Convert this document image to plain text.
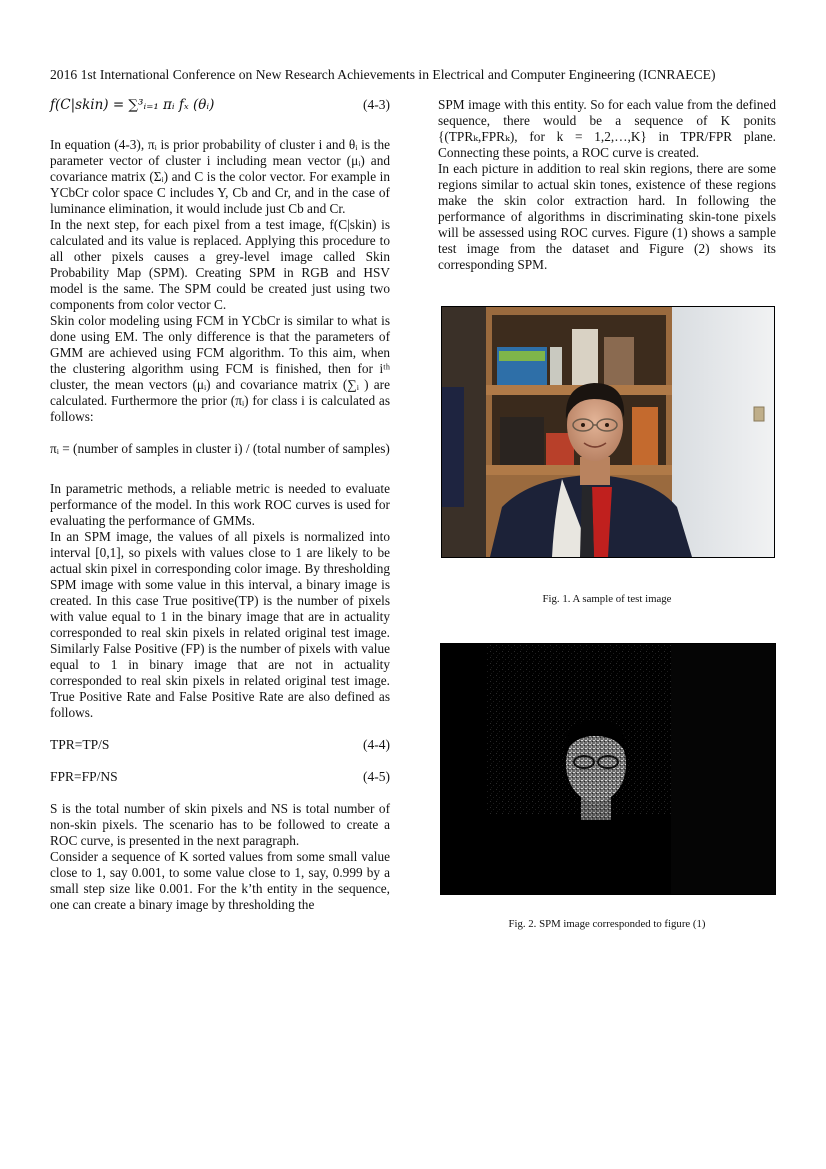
2016 1st International Conference on New Research Achievements in Electrical and Computer Engineering (ICNRAECE)
f(C|skin) = ∑³ᵢ₌₁ πᵢ fₓ (θᵢ)	(4-3)

In equation (4-3), πᵢ is prior probability of cluster i and θᵢ is the parameter vector of cluster i including mean vector (μᵢ) and covariance matrix (Σᵢ) and C is the color vector. For example in YCbCr color space C includes Y, Cb and Cr, and in the case of luminance elimination, it would include just Cb and Cr.

In the next step, for each pixel from a test image, f(C|skin) is calculated and its value is replaced. Applying this procedure to all other pixels causes a grey-level image called Skin Probability Map (SPM). Creating SPM in RGB and HSV model is the same. The SPM could be created just using two components from color vector C.

Skin color modeling using FCM in YCbCr is similar to what is done using EM. The only difference is that the parameters of GMM are achieved using FCM algorithm. To this aim, when the clustering algorithm using FCM is finished, then for iᵗʰ cluster, the mean vectors (μᵢ) and covariance matrix (∑ᵢ ) are calculated. Furthermore the prior (πᵢ) for class i is calculated as follows:

πᵢ = (number of samples in cluster i) / (total number of samples)

In parametric methods, a reliable metric is needed to evaluate performance of the model. In this work ROC curves is used for evaluating the performance of GMMs.

In an SPM image, the values of all pixels is normalized into interval [0,1], so pixels with values close to 1 are likely to be actual skin pixel in corresponding color image. By thresholding SPM image with some value in this interval, a binary image is created. In this case True positive(TP) is the number of pixels with value equal to 1 in the binary image that are in actuality corresponded to real skin pixels in related original test image. Similarly False Positive (FP) is the number of pixels with value equal to 1 in binary image that are not in actuality corresponded to real skin pixels in related original test image. True Positive Rate and False Positive Rate are also defined as follows.

TPR=TP/S	(4-4)
FPR=FP/NS	(4-5)

S is the total number of skin pixels and NS is total number of non-skin pixels. The scenario has to be followed to create a ROC curve, is presented in the next paragraph.

Consider a sequence of K sorted values from some small value close to 1, say 0.001, to some value close to 1, say, 0.999 by a small step size like 0.001. For the k’th entity in the sequence, one can create a binary image by thresholding the

SPM image with this entity. So for each value from the defined sequence, there would be a sequence of K ponits {(TPRₖ,FPRₖ), for k = 1,2,…,K} in TPR/FPR plane. Connecting these points, a ROC curve is created.

In each picture in addition to real skin regions, there are some regions similar to actual skin tones, existence of these regions make the skin color extraction hard. In following the performance of algorithms in discriminating skin-tone pixels will be assessed using ROC curves. Figure (1) shows a sample test image from the dataset and Figure (2) shows its corresponding SPM.

Fig. 1. A sample of test image
Fig. 2. SPM image corresponded to figure (1)
